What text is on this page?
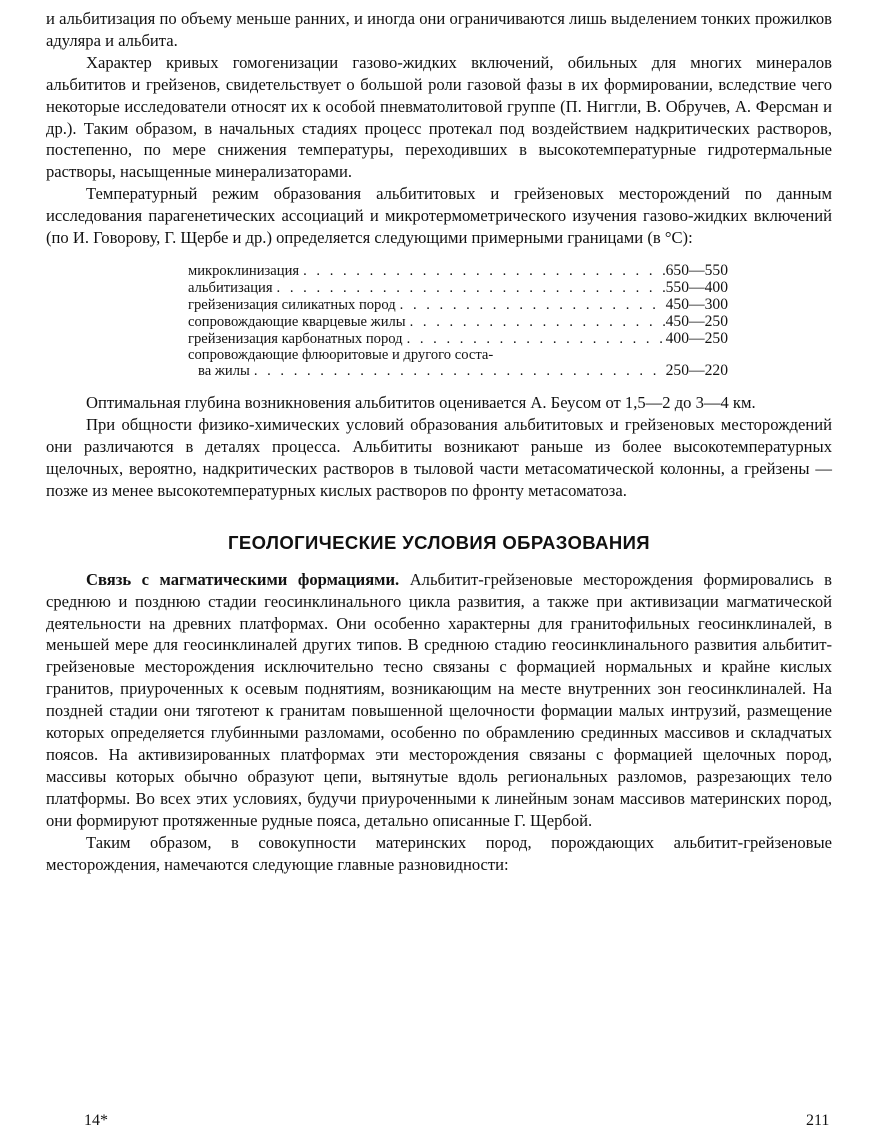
и альбитизация по объему меньше ранних, и иногда они ограничиваются лишь выделением тонких прожилков адуляра и альбита.

Характер кривых гомогенизации газово-жидких включений, обильных для многих минералов альбититов и грейзенов, свидетельствует о большой роли газовой фазы в их формировании, вследствие чего некоторые исследователи относят их к особой пневматолитовой группе (П. Ниггли, В. Обручев, А. Ферсман и др.). Таким образом, в начальных стадиях процесс протекал под воздействием надкритических растворов, постепенно, по мере снижения температуры, переходивших в высокотемпературные гидротермальные растворы, насыщенные минерализаторами.

Температурный режим образования альбититовых и грейзеновых месторождений по данным исследования парагенетических ассоциаций и микротермометрического изучения газово-жидких включений (по И. Говорову, Г. Щербе и др.) определяется следующими примерными границами (в °С):

микроклинизация . . .	650—550
альбитизация . . .	550—400
грейзенизация силикатных пород . . .	450—300
сопровождающие кварцевые жилы . . .	450—250
грейзенизация карбонатных пород . . .	400—250
сопровождающие флюоритовые и другого соста-
ва жилы . . .	250—220

Оптимальная глубина возникновения альбититов оценивается А. Беусом от 1,5—2 до 3—4 км.

При общности физико-химических условий образования альбититовых и грейзеновых месторождений они различаются в деталях процесса. Альбититы возникают раньше из более высокотемпературных щелочных, вероятно, надкритических растворов в тыловой части метасоматической колонны, а грейзены — позже из менее высокотемпературных кислых растворов по фронту метасоматоза.

ГЕОЛОГИЧЕСКИЕ УСЛОВИЯ ОБРАЗОВАНИЯ

Связь с магматическими формациями. Альбитит-грейзеновые месторождения формировались в среднюю и позднюю стадии геосинклинального цикла развития, а также при активизации магматической деятельности на древних платформах. Они особенно характерны для гранитофильных геосинклиналей, в меньшей мере для геосинклиналей других типов. В среднюю стадию геосинклинального развития альбитит-грейзеновые месторождения исключительно тесно связаны с формацией нормальных и крайне кислых гранитов, приуроченных к осевым поднятиям, возникающим на месте внутренних зон геосинклиналей. На поздней стадии они тяготеют к гранитам повышенной щелочности формации малых интрузий, размещение которых определяется глубинными разломами, особенно по обрамлению срединных массивов и складчатых поясов. На активизированных платформах эти месторождения связаны с формацией щелочных пород, массивы которых обычно образуют цепи, вытянутые вдоль региональных разломов, разрезающих тело платформы. Во всех этих условиях, будучи приуроченными к линейным зонам массивов материнских пород, они формируют протяженные рудные пояса, детально описанные Г. Щербой.

Таким образом, в совокупности материнских пород, порождающих альбитит-грейзеновые месторождения, намечаются следующие главные разновидности:

14*	211
